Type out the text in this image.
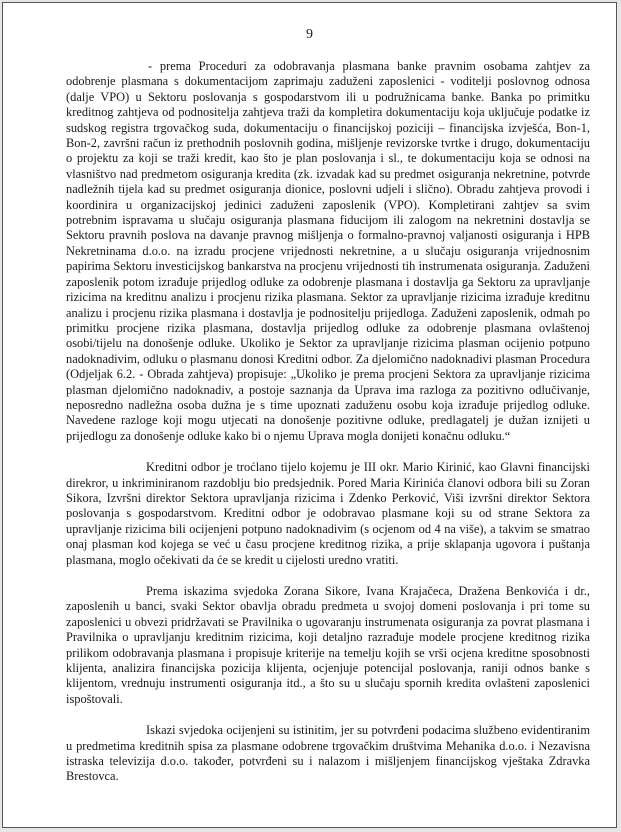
9

- prema Proceduri za odobravanja plasmana banke pravnim osobama zahtjev za odobrenje plasmana s dokumentacijom zaprimaju zaduženi zaposlenici - voditelji poslovnog odnosa (dalje VPO) u Sektoru poslovanja s gospodarstvom ili u podružnicama banke. Banka po primitku kreditnog zahtjeva od podnositelja zahtjeva traži da kompletira dokumentaciju koja uključuje podatke iz sudskog registra trgovačkog suda, dokumentaciju o financijskoj poziciji – financijska izvješća, Bon-1, Bon-2, završni račun iz prethodnih poslovnih godina, mišljenje revizorske tvrtke i drugo, dokumentaciju o projektu za koji se traži kredit, kao što je plan poslovanja i sl., te dokumentaciju koja se odnosi na vlasništvo nad predmetom osiguranja kredita (zk. izvadak kad su predmet osiguranja nekretnine, potvrde nadležnih tijela kad su predmet osiguranja dionice, poslovni udjeli i slično). Obradu zahtjeva provodi i koordinira u organizacijskoj jedinici zaduženi zaposlenik (VPO). Kompletirani zahtjev sa svim potrebnim ispravama u slučaju osiguranja plasmana fiducijom ili zalogom na nekretnini dostavlja se Sektoru pravnih poslova na davanje pravnog mišljenja o formalno-pravnoj valjanosti osiguranja i HPB Nekretninama d.o.o. na izradu procjene vrijednosti nekretnine, a u slučaju osiguranja vrijednosnim papirima Sektoru investicijskog bankarstva na procjenu vrijednosti tih instrumenata osiguranja. Zaduženi zaposlenik potom izrađuje prijedlog odluke za odobrenje plasmana i dostavlja ga Sektoru za upravljanje rizicima na kreditnu analizu i procjenu rizika plasmana. Sektor za upravljanje rizicima izrađuje kreditnu analizu i procjenu rizika plasmana i dostavlja je podnositelju prijedloga. Zaduženi zaposlenik, odmah po primitku procjene rizika plasmana, dostavlja prijedlog odluke za odobrenje plasmana ovlaštenoj osobi/tijelu na donošenje odluke. Ukoliko je Sektor za upravljanje rizicima plasman ocijenio potpuno nadoknadivim, odluku o plasmanu donosi Kreditni odbor. Za djelomično nadoknadivi plasman Procedura (Odjeljak 6.2. - Obrada zahtjeva) propisuje: „Ukoliko je prema procjeni Sektora za upravljanje rizicima plasman djelomično nadoknadiv, a postoje saznanja da Uprava ima razloga za pozitivno odlučivanje, neposredno nadležna osoba dužna je s time upoznati zaduženu osobu koja izrađuje prijedlog odluke. Navedene razloge koji mogu utjecati na donošenje pozitivne odluke, predlagatelj je dužan iznijeti u prijedlogu za donošenje odluke kako bi o njemu Uprava mogla donijeti konačnu odluku.“

Kreditni odbor je troćlano tijelo kojemu je III okr. Mario Kirinić, kao Glavni financijski direkror, u inkriminiranom razdoblju bio predsjednik. Pored Maria Kirinića članovi odbora bili su Zoran Sikora, Izvršni direktor Sektora upravljanja rizicima i Zdenko Perković, Viši izvršni direktor Sektora poslovanja s gospodarstvom. Kreditni odbor je odobravao plasmane koji su od strane Sektora za upravljanje rizicima bili ocijenjeni potpuno nadoknadivim (s ocjenom od 4 na više), a takvim se smatrao onaj plasman kod kojega se već u času procjene kreditnog rizika, a prije sklapanja ugovora i puštanja plasmana, moglo očekivati da će se kredit u cijelosti uredno vratiti.

Prema iskazima svjedoka Zorana Sikore, Ivana Krajačeca, Dražena Benkovića i dr., zaposlenih u banci, svaki Sektor obavlja obradu predmeta u svojoj domeni poslovanja i pri tome su zaposlenici u obvezi pridržavati se Pravilnika o ugovaranju instrumenata osiguranja za povrat plasmana i Pravilnika o upravljanju kreditnim rizicima, koji detaljno razrađuje modele procjene kreditnog rizika prilikom odobravanja plasmana i propisuje kriterije na temelju kojih se vrši ocjena kreditne sposobnosti klijenta, analizira financijska pozicija klijenta, ocjenjuje potencijal poslovanja, raniji odnos banke s klijentom, vrednuju instrumenti osiguranja itd., a što su u slučaju spornih kredita ovlašteni zaposlenici ispoštovali.

Iskazi svjedoka ocijenjeni su istinitim, jer su potvrđeni podacima službeno evidentiranim u predmetima kreditnih spisa za plasmane odobrene trgovačkim društvima Mehanika d.o.o. i Nezavisna istraska televizija d.o.o. također, potvrđeni su i nalazom i mišljenjem financijskog vještaka Zdravka Brestovca.
